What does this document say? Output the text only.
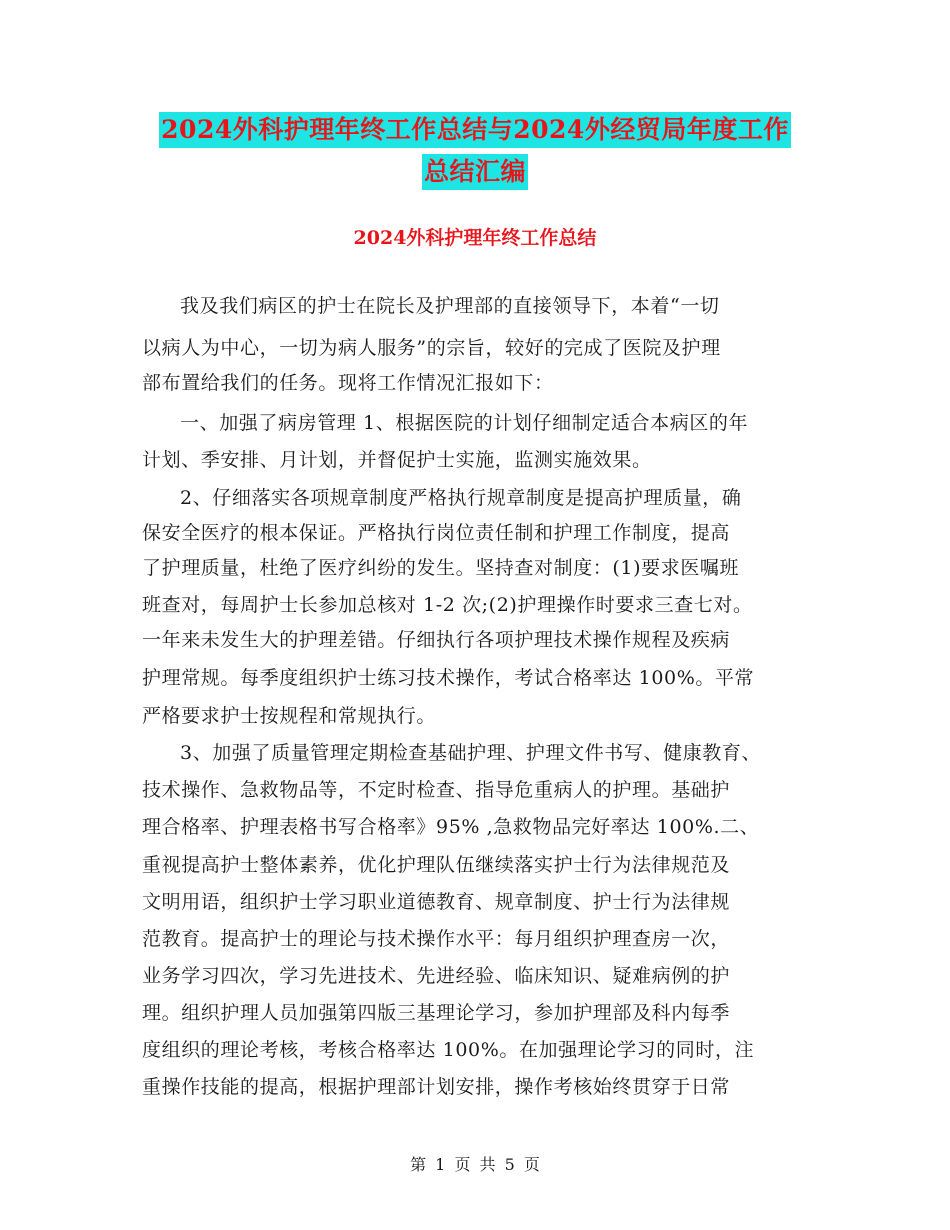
2024外科护理年终工作总结与2024外经贸局年度工作
总结汇编
2024外科护理年终工作总结
我及我们病区的护士在院长及护理部的直接领导下，本着“一切
以病人为中心，一切为病人服务”的宗旨，较好的完成了医院及护理
部布置给我们的任务。现将工作情况汇报如下：
一、加强了病房管理 1、根据医院的计划仔细制定适合本病区的年
计划、季安排、月计划，并督促护士实施，监测实施效果。
2、仔细落实各项规章制度严格执行规章制度是提高护理质量，确
保安全医疗的根本保证。严格执行岗位责任制和护理工作制度，提高
了护理质量，杜绝了医疗纠纷的发生。坚持查对制度：(1)要求医嘱班
班查对，每周护士长参加总核对 1-2 次;(2)护理操作时要求三查七对。
一年来未发生大的护理差错。仔细执行各项护理技术操作规程及疾病
护理常规。每季度组织护士练习技术操作，考试合格率达 100%。平常
严格要求护士按规程和常规执行。
3、加强了质量管理定期检查基础护理、护理文件书写、健康教育、
技术操作、急救物品等，不定时检查、指导危重病人的护理。基础护
理合格率、护理表格书写合格率》95% ,急救物品完好率达 100%.二、
重视提高护士整体素养，优化护理队伍继续落实护士行为法律规范及
文明用语，组织护士学习职业道德教育、规章制度、护士行为法律规
范教育。提高护士的理论与技术操作水平：每月组织护理查房一次，
业务学习四次，学习先进技术、先进经验、临床知识、疑难病例的护
理。组织护理人员加强第四版三基理论学习，参加护理部及科内每季
度组织的理论考核，考核合格率达 100%。在加强理论学习的同时，注
重操作技能的提高，根据护理部计划安排，操作考核始终贯穿于日常
第 1 页 共 5 页
